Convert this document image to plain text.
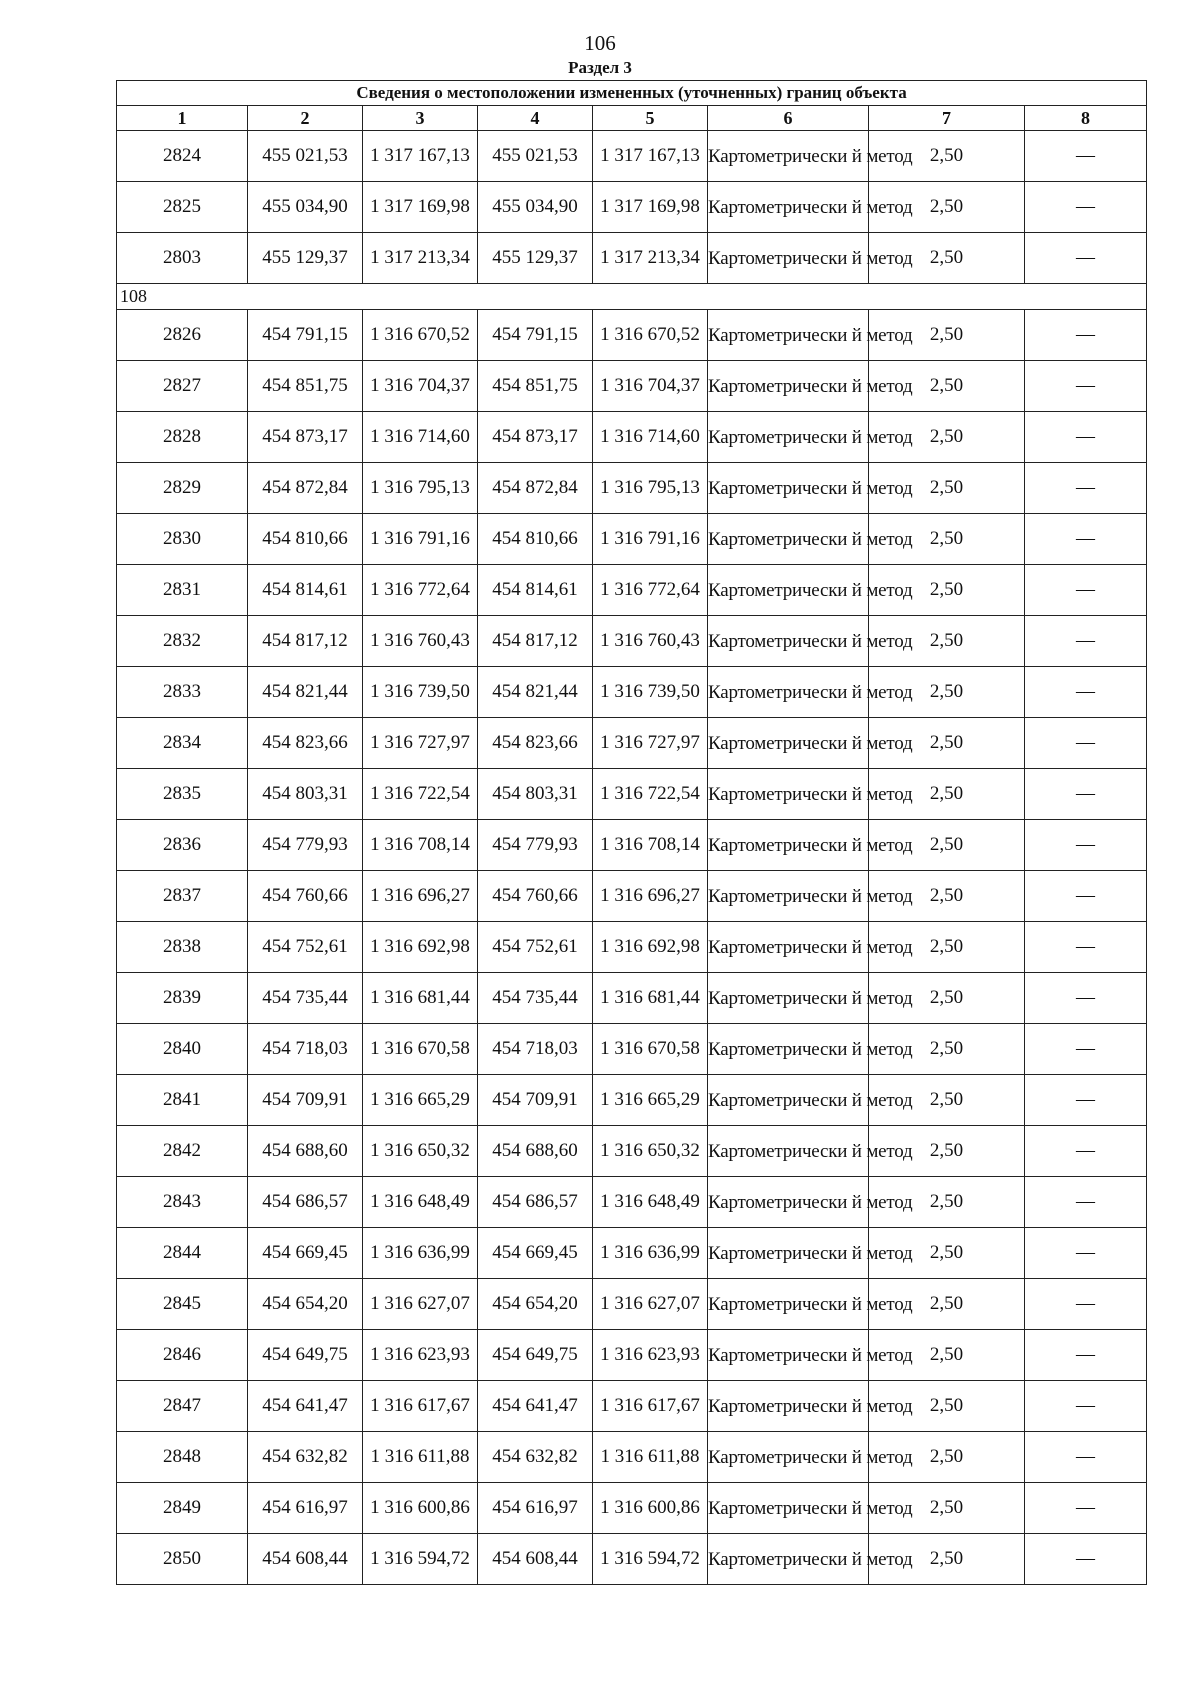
106
Раздел 3
Сведения о местоположении измененных (уточненных) границ объекта							
1	2	3	4	5	6	7	8
2824	455 021,53	1 317 167,13	455 021,53	1 317 167,13	Картометрически й метод	2,50	—
2825	455 034,90	1 317 169,98	455 034,90	1 317 169,98	Картометрически й метод	2,50	—
2803	455 129,37	1 317 213,34	455 129,37	1 317 213,34	Картометрически й метод	2,50	—
108							
2826	454 791,15	1 316 670,52	454 791,15	1 316 670,52	Картометрически й метод	2,50	—
2827	454 851,75	1 316 704,37	454 851,75	1 316 704,37	Картометрически й метод	2,50	—
2828	454 873,17	1 316 714,60	454 873,17	1 316 714,60	Картометрически й метод	2,50	—
2829	454 872,84	1 316 795,13	454 872,84	1 316 795,13	Картометрически й метод	2,50	—
2830	454 810,66	1 316 791,16	454 810,66	1 316 791,16	Картометрически й метод	2,50	—
2831	454 814,61	1 316 772,64	454 814,61	1 316 772,64	Картометрически й метод	2,50	—
2832	454 817,12	1 316 760,43	454 817,12	1 316 760,43	Картометрически й метод	2,50	—
2833	454 821,44	1 316 739,50	454 821,44	1 316 739,50	Картометрически й метод	2,50	—
2834	454 823,66	1 316 727,97	454 823,66	1 316 727,97	Картометрически й метод	2,50	—
2835	454 803,31	1 316 722,54	454 803,31	1 316 722,54	Картометрически й метод	2,50	—
2836	454 779,93	1 316 708,14	454 779,93	1 316 708,14	Картометрически й метод	2,50	—
2837	454 760,66	1 316 696,27	454 760,66	1 316 696,27	Картометрически й метод	2,50	—
2838	454 752,61	1 316 692,98	454 752,61	1 316 692,98	Картометрически й метод	2,50	—
2839	454 735,44	1 316 681,44	454 735,44	1 316 681,44	Картометрически й метод	2,50	—
2840	454 718,03	1 316 670,58	454 718,03	1 316 670,58	Картометрически й метод	2,50	—
2841	454 709,91	1 316 665,29	454 709,91	1 316 665,29	Картометрически й метод	2,50	—
2842	454 688,60	1 316 650,32	454 688,60	1 316 650,32	Картометрически й метод	2,50	—
2843	454 686,57	1 316 648,49	454 686,57	1 316 648,49	Картометрически й метод	2,50	—
2844	454 669,45	1 316 636,99	454 669,45	1 316 636,99	Картометрически й метод	2,50	—
2845	454 654,20	1 316 627,07	454 654,20	1 316 627,07	Картометрически й метод	2,50	—
2846	454 649,75	1 316 623,93	454 649,75	1 316 623,93	Картометрически й метод	2,50	—
2847	454 641,47	1 316 617,67	454 641,47	1 316 617,67	Картометрически й метод	2,50	—
2848	454 632,82	1 316 611,88	454 632,82	1 316 611,88	Картометрически й метод	2,50	—
2849	454 616,97	1 316 600,86	454 616,97	1 316 600,86	Картометрически й метод	2,50	—
2850	454 608,44	1 316 594,72	454 608,44	1 316 594,72	Картометрически й метод	2,50	—
